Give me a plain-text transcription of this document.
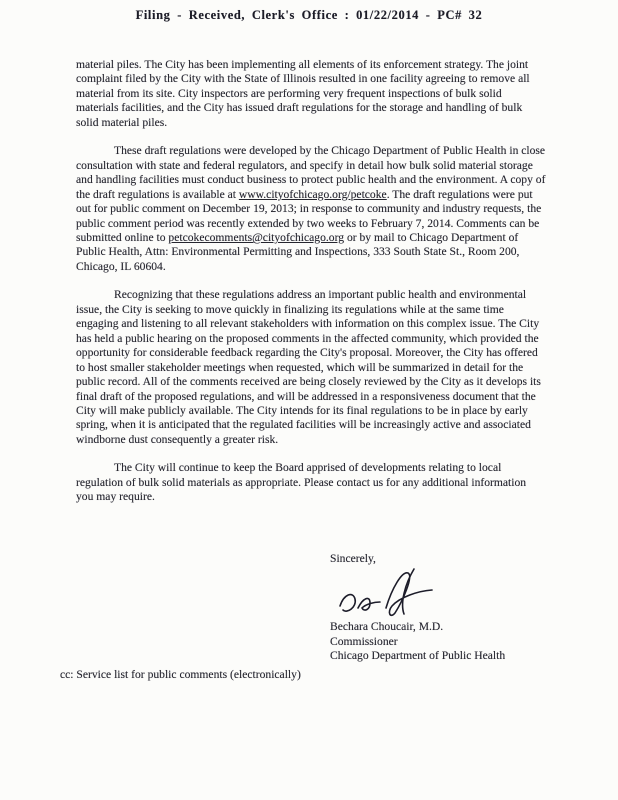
Filing - Received, Clerk's Office : 01/22/2014 - PC# 32

material piles. The City has been implementing all elements of its enforcement strategy. The joint complaint filed by the City with the State of Illinois resulted in one facility agreeing to remove all material from its site. City inspectors are performing very frequent inspections of bulk solid materials facilities, and the City has issued draft regulations for the storage and handling of bulk solid material piles.

These draft regulations were developed by the Chicago Department of Public Health in close consultation with state and federal regulators, and specify in detail how bulk solid material storage and handling facilities must conduct business to protect public health and the environment. A copy of the draft regulations is available at www.cityofchicago.org/petcoke. The draft regulations were put out for public comment on December 19, 2013; in response to community and industry requests, the public comment period was recently extended by two weeks to February 7, 2014. Comments can be submitted online to petcokecomments@cityofchicago.org or by mail to Chicago Department of Public Health, Attn: Environmental Permitting and Inspections, 333 South State St., Room 200, Chicago, IL 60604.

Recognizing that these regulations address an important public health and environmental issue, the City is seeking to move quickly in finalizing its regulations while at the same time engaging and listening to all relevant stakeholders with information on this complex issue. The City has held a public hearing on the proposed comments in the affected community, which provided the opportunity for considerable feedback regarding the City's proposal. Moreover, the City has offered to host smaller stakeholder meetings when requested, which will be summarized in detail for the public record. All of the comments received are being closely reviewed by the City as it develops its final draft of the proposed regulations, and will be addressed in a responsiveness document that the City will make publicly available. The City intends for its final regulations to be in place by early spring, when it is anticipated that the regulated facilities will be increasingly active and associated windborne dust consequently a greater risk.

The City will continue to keep the Board apprised of developments relating to local regulation of bulk solid materials as appropriate. Please contact us for any additional information you may require.

Sincerely,
Bechara Choucair, M.D.
Commissioner
Chicago Department of Public Health
cc: Service list for public comments (electronically)
